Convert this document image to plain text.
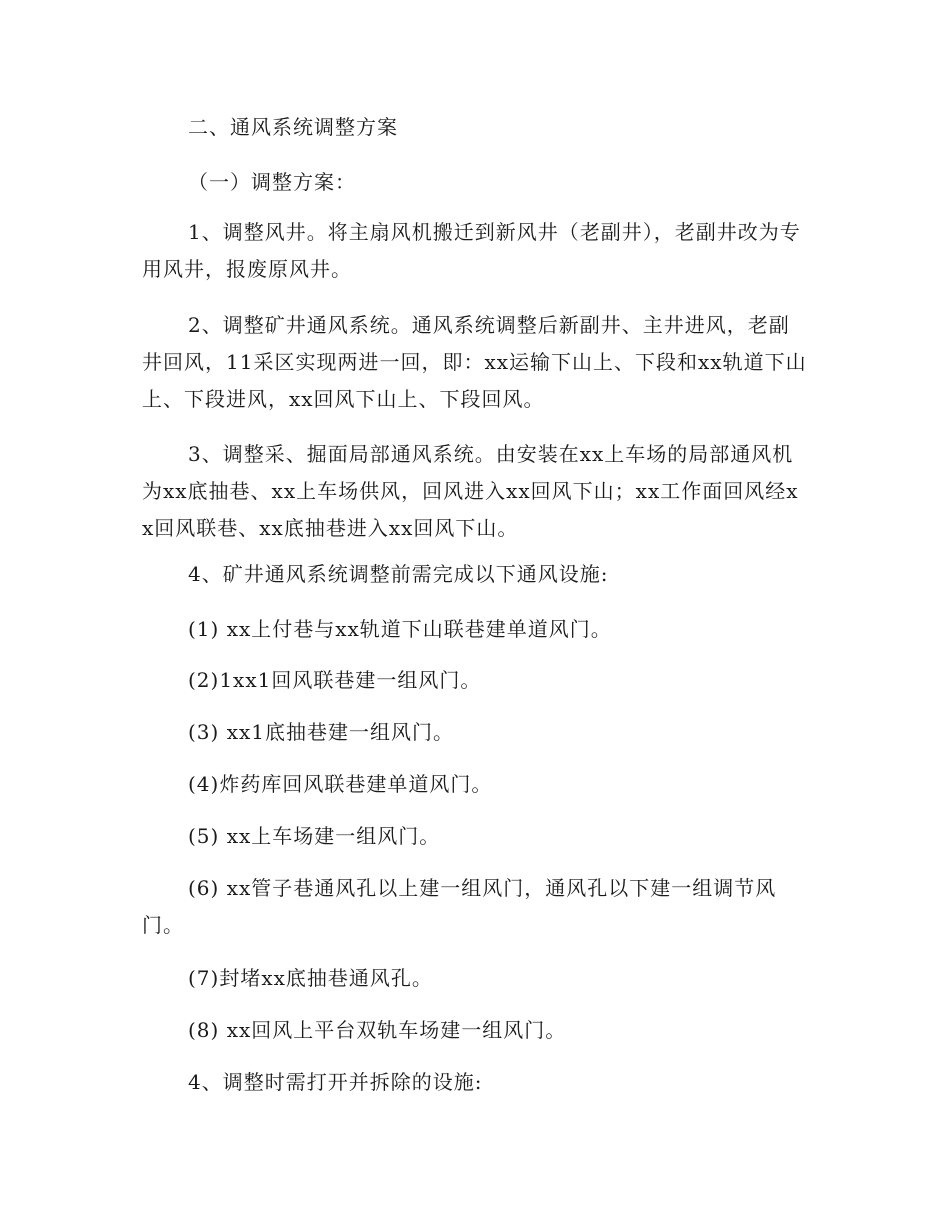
二、通风系统调整方案
（一）调整方案：
1、调整风井。将主扇风机搬迁到新风井（老副井），老副井改为专用风井，报废原风井。
2、调整矿井通风系统。通风系统调整后新副井、主井进风，老副井回风，11采区实现两进一回，即：xx运输下山上、下段和xx轨道下山上、下段进风，xx回风下山上、下段回风。
3、调整采、掘面局部通风系统。由安装在xx上车场的局部通风机为xx底抽巷、xx上车场供风，回风进入xx回风下山；xx工作面回风经xx回风联巷、xx底抽巷进入xx回风下山。
4、矿井通风系统调整前需完成以下通风设施:
(1) xx上付巷与xx轨道下山联巷建单道风门。
(2)1xx1回风联巷建一组风门。
(3) xx1底抽巷建一组风门。
(4)炸药库回风联巷建单道风门。
(5) xx上车场建一组风门。
(6) xx管子巷通风孔以上建一组风门，通风孔以下建一组调节风门。
(7)封堵xx底抽巷通风孔。
(8) xx回风上平台双轨车场建一组风门。
4、调整时需打开并拆除的设施:
